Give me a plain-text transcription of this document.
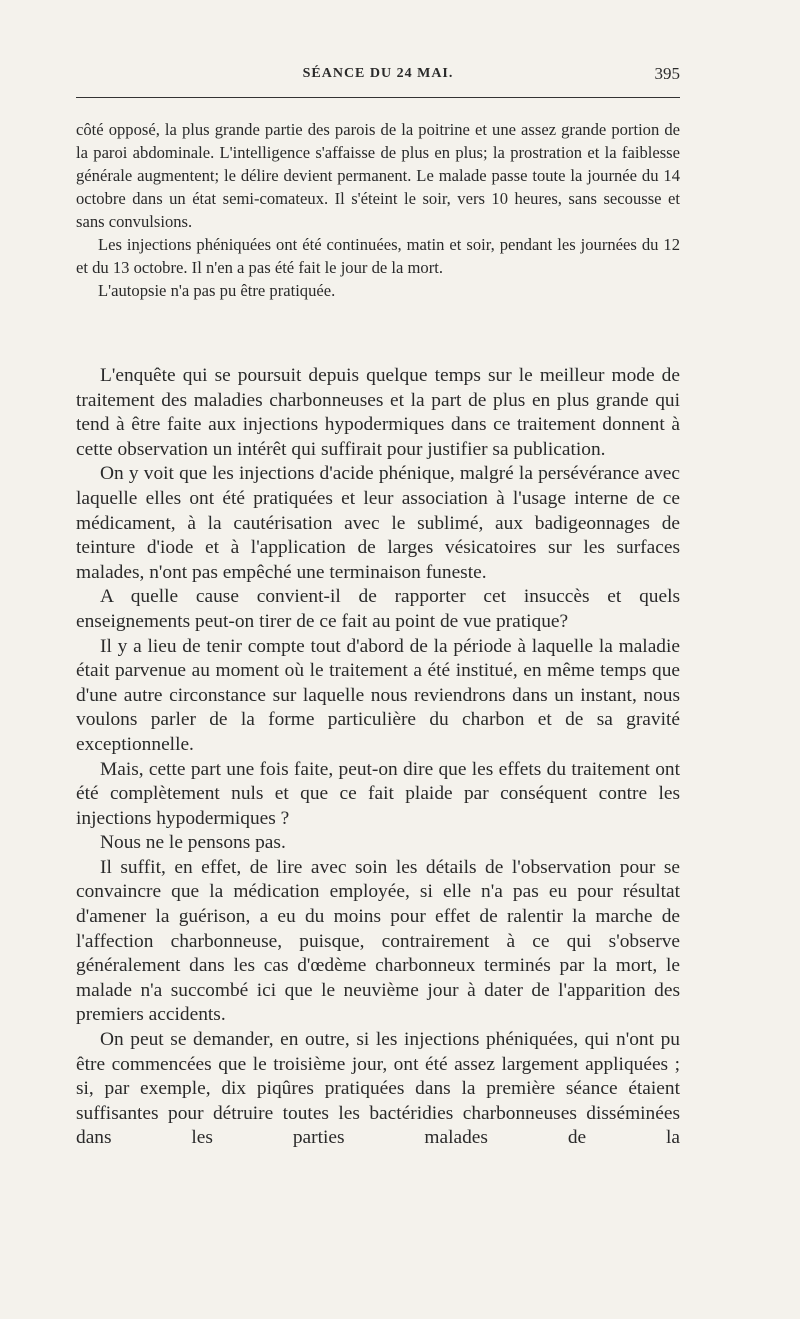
SÉANCE DU 24 MAI.	395

côté opposé, la plus grande partie des parois de la poitrine et une assez grande portion de la paroi abdominale. L'intelligence s'affaisse de plus en plus; la prostration et la faiblesse générale augmentent; le délire devient permanent. Le malade passe toute la journée du 14 octobre dans un état semi-comateux. Il s'éteint le soir, vers 10 heures, sans secousse et sans convulsions.

Les injections phéniquées ont été continuées, matin et soir, pendant les journées du 12 et du 13 octobre. Il n'en a pas été fait le jour de la mort.

L'autopsie n'a pas pu être pratiquée.

L'enquête qui se poursuit depuis quelque temps sur le meilleur mode de traitement des maladies charbonneuses et la part de plus en plus grande qui tend à être faite aux injections hypodermiques dans ce traitement donnent à cette observation un intérêt qui suffirait pour justifier sa publication.

On y voit que les injections d'acide phénique, malgré la persévérance avec laquelle elles ont été pratiquées et leur association à l'usage interne de ce médicament, à la cautérisation avec le sublimé, aux badigeonnages de teinture d'iode et à l'application de larges vésicatoires sur les surfaces malades, n'ont pas empêché une terminaison funeste.

A quelle cause convient-il de rapporter cet insuccès et quels enseignements peut-on tirer de ce fait au point de vue pratique?

Il y a lieu de tenir compte tout d'abord de la période à laquelle la maladie était parvenue au moment où le traitement a été institué, en même temps que d'une autre circonstance sur laquelle nous reviendrons dans un instant, nous voulons parler de la forme particulière du charbon et de sa gravité exceptionnelle.

Mais, cette part une fois faite, peut-on dire que les effets du traitement ont été complètement nuls et que ce fait plaide par conséquent contre les injections hypodermiques ?

Nous ne le pensons pas.

Il suffit, en effet, de lire avec soin les détails de l'observation pour se convaincre que la médication employée, si elle n'a pas eu pour résultat d'amener la guérison, a eu du moins pour effet de ralentir la marche de l'affection charbonneuse, puisque, contrairement à ce qui s'observe généralement dans les cas d'œdème charbonneux terminés par la mort, le malade n'a succombé ici que le neuvième jour à dater de l'apparition des premiers accidents.

On peut se demander, en outre, si les injections phéniquées, qui n'ont pu être commencées que le troisième jour, ont été assez largement appliquées ; si, par exemple, dix piqûres pratiquées dans la première séance étaient suffisantes pour détruire toutes les bactéridies charbonneuses disséminées dans les parties malades de la
